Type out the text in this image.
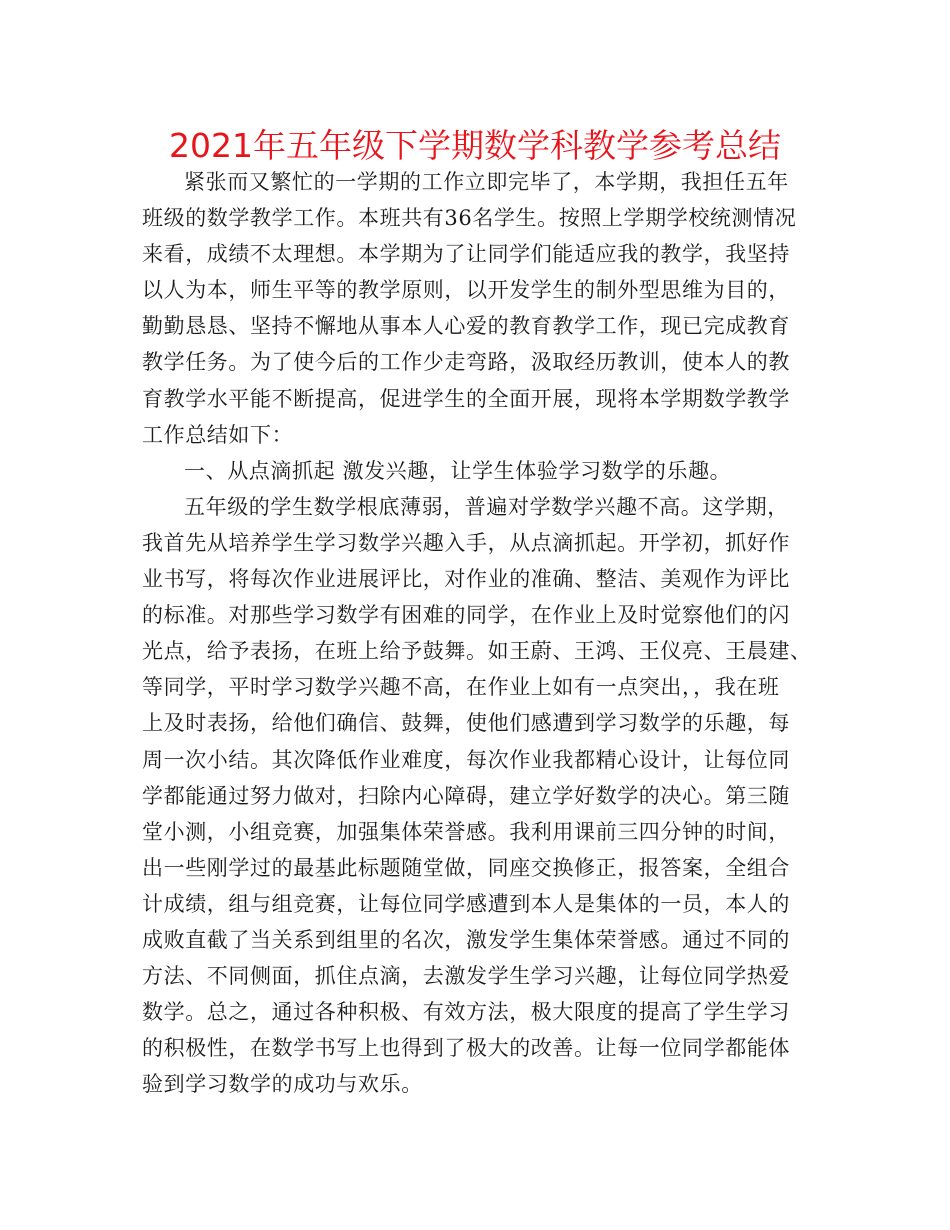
2021年五年级下学期数学科教学参考总结
紧张而又繁忙的一学期的工作立即完毕了，本学期，我担任五年
班级的数学教学工作。本班共有36名学生。按照上学期学校统测情况
来看，成绩不太理想。本学期为了让同学们能适应我的教学，我坚持
以人为本，师生平等的教学原则，以开发学生的制外型思维为目的，
勤勤恳恳、坚持不懈地从事本人心爱的教育教学工作，现已完成教育
教学任务。为了使今后的工作少走弯路，汲取经历教训，使本人的教
育教学水平能不断提高，促进学生的全面开展，现将本学期数学教学
工作总结如下：
一、从点滴抓起 激发兴趣，让学生体验学习数学的乐趣。
五年级的学生数学根底薄弱，普遍对学数学兴趣不高。这学期，
我首先从培养学生学习数学兴趣入手，从点滴抓起。开学初，抓好作
业书写，将每次作业进展评比，对作业的准确、整洁、美观作为评比
的标准。对那些学习数学有困难的同学，在作业上及时觉察他们的闪
光点，给予表扬，在班上给予鼓舞。如王蔚、王鸿、王仪亮、王晨建、
等同学，平时学习数学兴趣不高，在作业上如有一点突出，，我在班
上及时表扬，给他们确信、鼓舞，使他们感遭到学习数学的乐趣，每
周一次小结。其次降低作业难度，每次作业我都精心设计，让每位同
学都能通过努力做对，扫除内心障碍，建立学好数学的决心。第三随
堂小测，小组竞赛，加强集体荣誉感。我利用课前三四分钟的时间，
出一些刚学过的最基此标题随堂做，同座交换修正，报答案，全组合
计成绩，组与组竞赛，让每位同学感遭到本人是集体的一员，本人的
成败直截了当关系到组里的名次，激发学生集体荣誉感。通过不同的
方法、不同侧面，抓住点滴，去激发学生学习兴趣，让每位同学热爱
数学。总之，通过各种积极、有效方法，极大限度的提高了学生学习
的积极性，在数学书写上也得到了极大的改善。让每一位同学都能体
验到学习数学的成功与欢乐。
